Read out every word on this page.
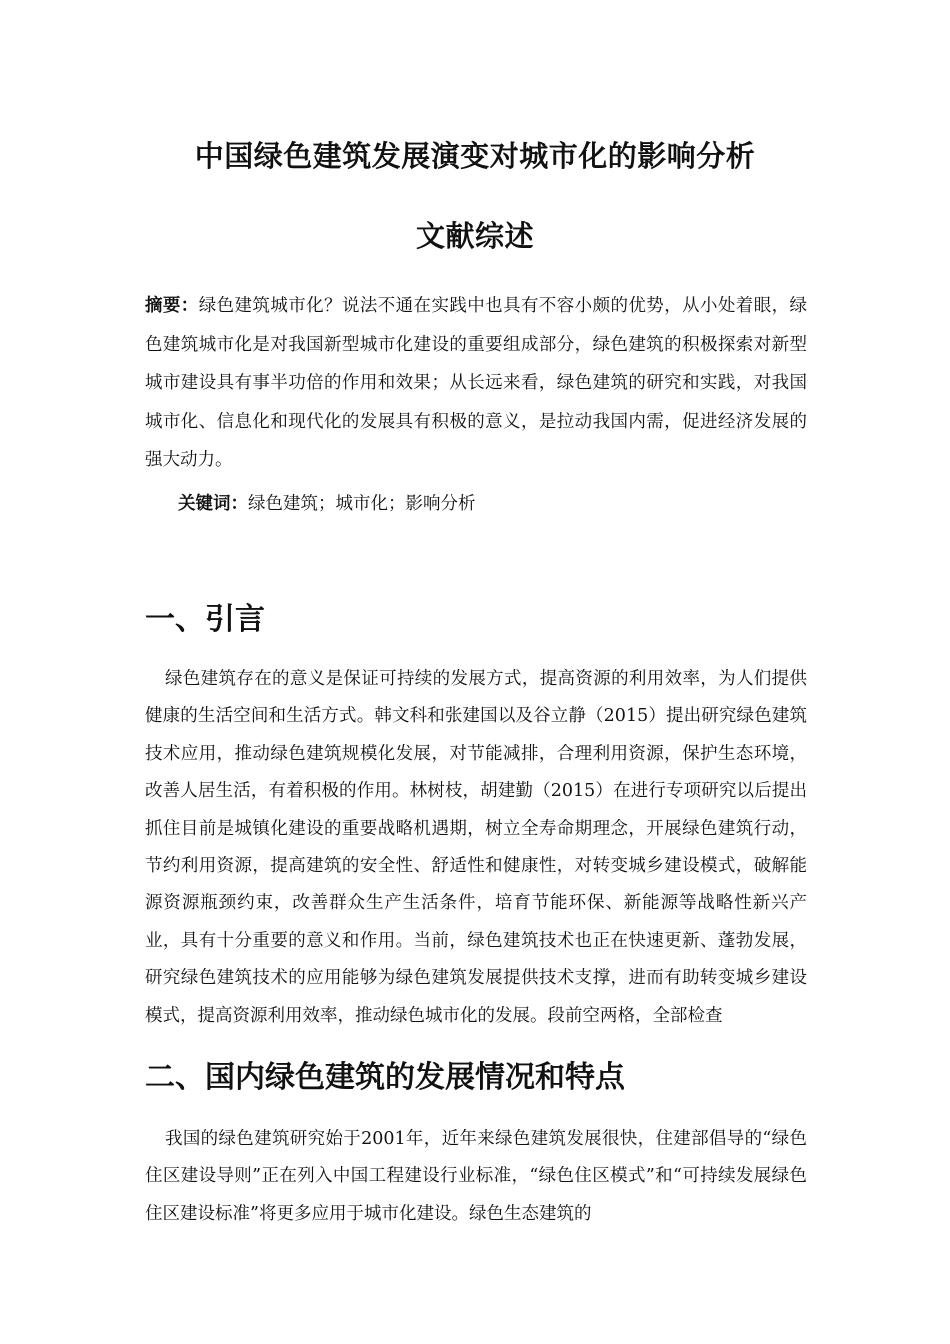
中国绿色建筑发展演变对城市化的影响分析
文献综述

摘要：绿色建筑城市化？说法不通在实践中也具有不容小颇的优势，从小处着眼，绿色建筑城市化是对我国新型城市化建设的重要组成部分，绿色建筑的积极探索对新型城市建设具有事半功倍的作用和效果；从长远来看，绿色建筑的研究和实践，对我国城市化、信息化和现代化的发展具有积极的意义，是拉动我国内需，促进经济发展的强大动力。

关键词：绿色建筑；城市化；影响分析

一、引言

绿色建筑存在的意义是保证可持续的发展方式，提高资源的利用效率，为人们提供健康的生活空间和生活方式。韩文科和张建国以及谷立静（2015）提出研究绿色建筑技术应用，推动绿色建筑规模化发展，对节能减排，合理利用资源，保护生态环境，改善人居生活，有着积极的作用。林树枝，胡建勤（2015）在进行专项研究以后提出抓住目前是城镇化建设的重要战略机遇期，树立全寿命期理念，开展绿色建筑行动，节约利用资源，提高建筑的安全性、舒适性和健康性，对转变城乡建设模式，破解能源资源瓶颈约束，改善群众生产生活条件，培育节能环保、新能源等战略性新兴产业，具有十分重要的意义和作用。当前，绿色建筑技术也正在快速更新、蓬勃发展，研究绿色建筑技术的应用能够为绿色建筑发展提供技术支撑，进而有助转变城乡建设模式，提高资源利用效率，推动绿色城市化的发展。段前空两格，全部检查

二、国内绿色建筑的发展情况和特点

我国的绿色建筑研究始于2001年，近年来绿色建筑发展很快，住建部倡导的“绿色住区建设导则”正在列入中国工程建设行业标准，“绿色住区模式”和“可持续发展绿色住区建设标准”将更多应用于城市化建设。绿色生态建筑的
